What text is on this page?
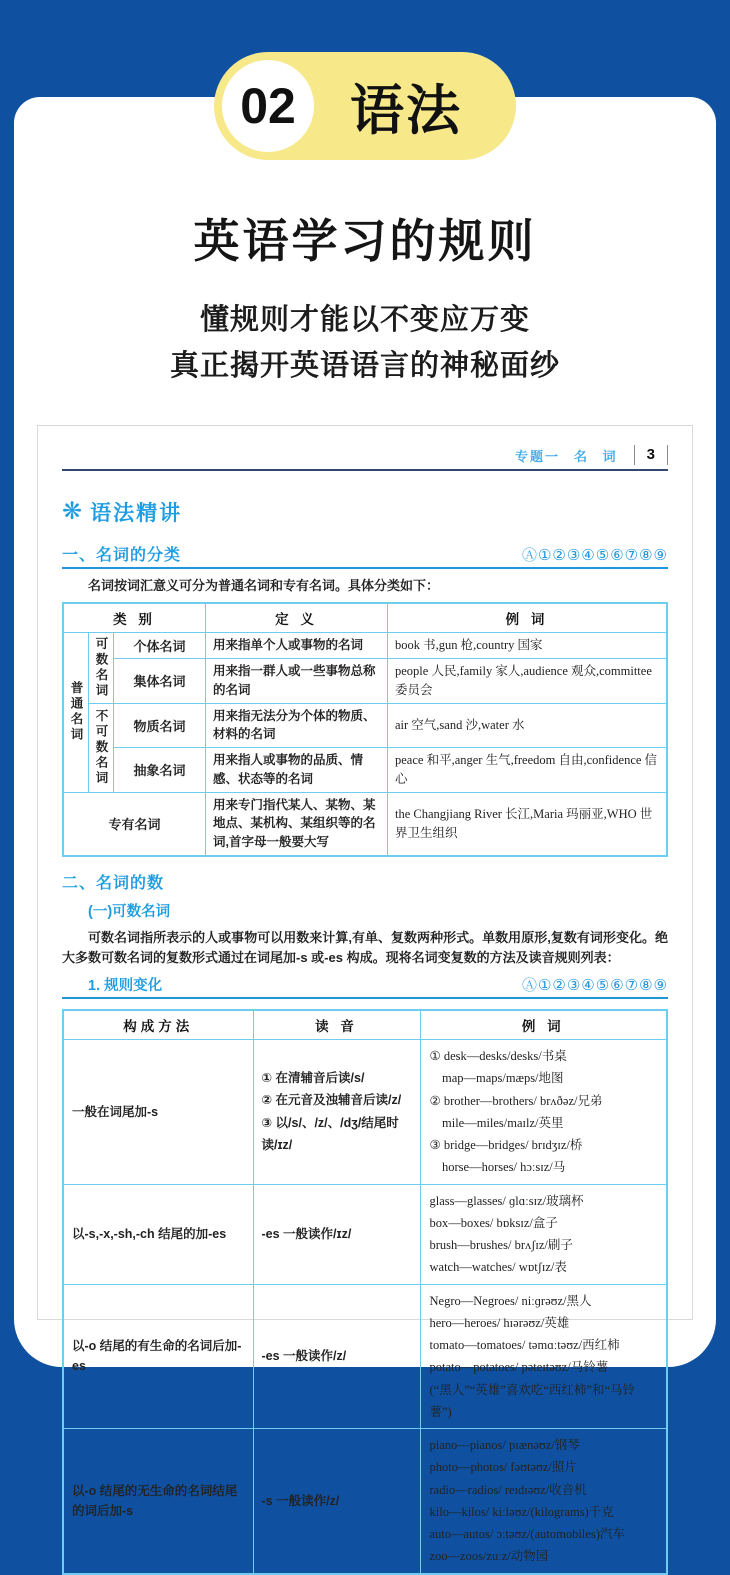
02	语法
英语学习的规则
懂规则才能以不变应万变
真正揭开英语语言的神秘面纱
专题一 名 词	3
❋ 语法精讲
一、名词的分类	Ⓐ①②③④⑤⑥⑦⑧⑨
名词按词汇意义可分为普通名词和专有名词。具体分类如下：
类 别			定 义	例 词
普通名词	可数名词	个体名词	用来指单个人或事物的名词	book 书,gun 枪,country 国家
		集体名词	用来指一群人或一些事物总称的名词	people 人民,family 家人,audience 观众,committee 委员会
	不可数名词	物质名词	用来指无法分为个体的物质、材料的名词	air 空气,sand 沙,water 水
		抽象名词	用来指人或事物的品质、情感、状态等的名词	peace 和平,anger 生气,freedom 自由,confidence 信心
专有名词			用来专门指代某人、某物、某地点、某机构、某组织等的名词,首字母一般要大写	the Changjiang River 长江,Maria 玛丽亚,WHO 世界卫生组织
二、名词的数
(一)可数名词
可数名词指所表示的人或事物可以用数来计算,有单、复数两种形式。单数用原形,复数有词形变化。绝大多数可数名词的复数形式通过在词尾加-s 或-es 构成。现将名词变复数的方法及读音规则列表：
1. 规则变化	Ⓐ①②③④⑤⑥⑦⑧⑨
构成方法	读 音	例 词
一般在词尾加-s	① 在清辅音后读/s/
② 在元音及浊辅音后读/z/
③ 以/s/、/z/、/dʒ/结尾时读/ɪz/	① desk—desks/desks/书桌
map—maps/mæps/地图
② brother—brothers/ brʌðəz/兄弟
mile—miles/maɪlz/英里
③ bridge—bridges/ brɪdʒɪz/桥
horse—horses/ hɔːsɪz/马
以-s,-x,-sh,-ch 结尾的加-es	-es 一般读作/ɪz/	glass—glasses/ ɡlɑːsɪz/玻璃杯
box—boxes/ bɒksɪz/盒子
brush—brushes/ brʌʃɪz/刷子
watch—watches/ wɒtʃɪz/表
以-o 结尾的有生命的名词后加-es	-es 一般读作/z/	Negro—Negroes/ niːɡrəʊz/黑人
hero—heroes/ hɪərəʊz/英雄
tomato—tomatoes/ təmɑːtəʊz/西红柿
potato—potatoes/ pəteɪtəʊz/马铃薯
(“黑人”“英雄”喜欢吃“西红柿”和“马铃薯”)
以-o 结尾的无生命的名词结尾的词后加-s	-s 一般读作/z/	piano—pianos/ pɪænəʊz/钢琴
photo—photos/ fəʊtəʊz/照片
radio—radios/ reɪdɪəʊz/收音机
kilo—kilos/ kiːləʊz/(kilograms)千克
auto—autos/ ɔːtəʊz/(automobiles)汽车
zoo—zoos/zuːz/动物园
